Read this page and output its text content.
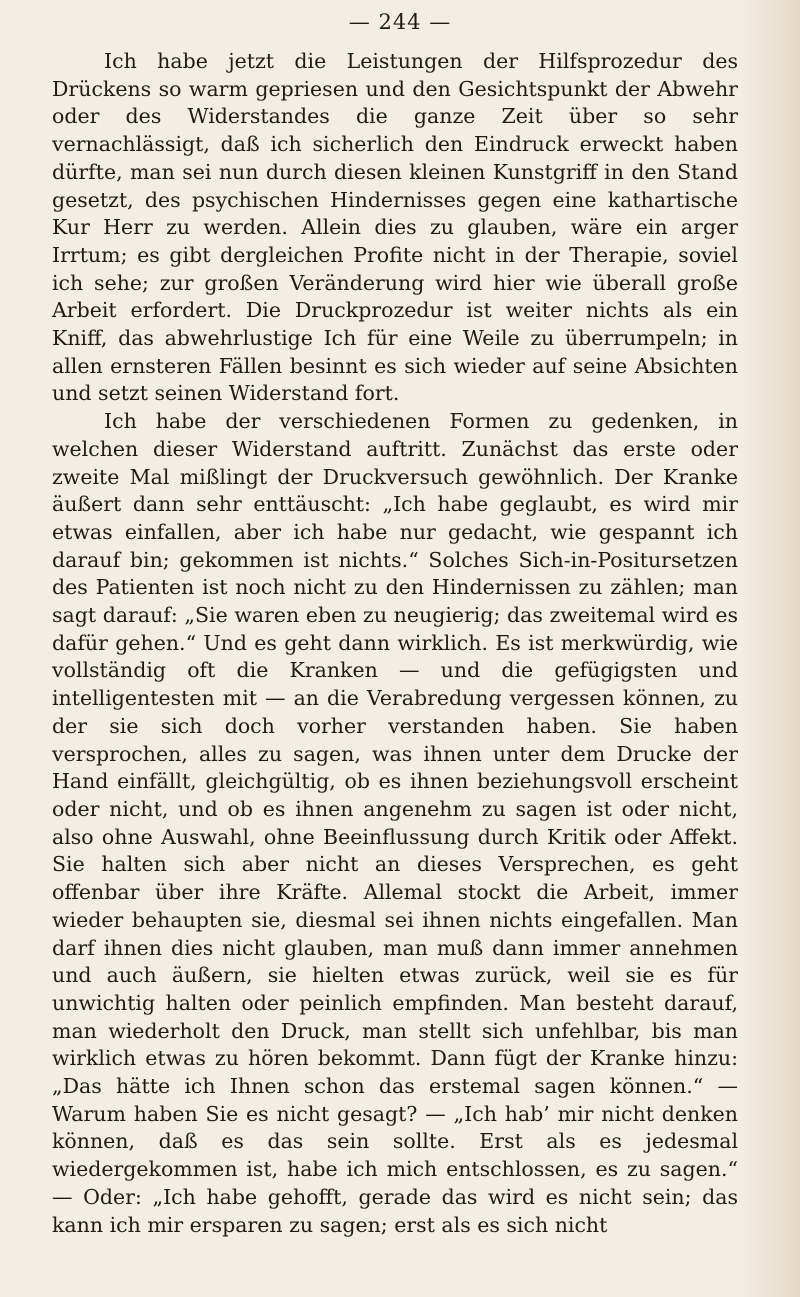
— 244 —

Ich habe jetzt die Leistungen der Hilfsprozedur des Drückens so warm gepriesen und den Gesichtspunkt der Abwehr oder des Widerstandes die ganze Zeit über so sehr vernachlässigt, daß ich sicherlich den Eindruck erweckt haben dürfte, man sei nun durch diesen kleinen Kunstgriff in den Stand gesetzt, des psychischen Hindernisses gegen eine kathartische Kur Herr zu werden. Allein dies zu glauben, wäre ein arger Irrtum; es gibt dergleichen Profite nicht in der Therapie, soviel ich sehe; zur großen Veränderung wird hier wie überall große Arbeit erfordert. Die Druckprozedur ist weiter nichts als ein Kniff, das abwehrlustige Ich für eine Weile zu überrumpeln; in allen ernsteren Fällen besinnt es sich wieder auf seine Absichten und setzt seinen Widerstand fort.

Ich habe der verschiedenen Formen zu gedenken, in welchen dieser Widerstand auftritt. Zunächst das erste oder zweite Mal mißlingt der Druckversuch gewöhnlich. Der Kranke äußert dann sehr enttäuscht: „Ich habe geglaubt, es wird mir etwas einfallen, aber ich habe nur gedacht, wie gespannt ich darauf bin; gekommen ist nichts.“ Solches Sich-in-Positursetzen des Patienten ist noch nicht zu den Hindernissen zu zählen; man sagt darauf: „Sie waren eben zu neugierig; das zweitemal wird es dafür gehen.“ Und es geht dann wirklich. Es ist merkwürdig, wie vollständig oft die Kranken — und die gefügigsten und intelligentesten mit — an die Verabredung vergessen können, zu der sie sich doch vorher verstanden haben. Sie haben versprochen, alles zu sagen, was ihnen unter dem Drucke der Hand einfällt, gleichgültig, ob es ihnen beziehungsvoll erscheint oder nicht, und ob es ihnen angenehm zu sagen ist oder nicht, also ohne Auswahl, ohne Beeinflussung durch Kritik oder Affekt. Sie halten sich aber nicht an dieses Versprechen, es geht offenbar über ihre Kräfte. Allemal stockt die Arbeit, immer wieder behaupten sie, diesmal sei ihnen nichts eingefallen. Man darf ihnen dies nicht glauben, man muß dann immer annehmen und auch äußern, sie hielten etwas zurück, weil sie es für unwichtig halten oder peinlich empfinden. Man besteht darauf, man wiederholt den Druck, man stellt sich unfehlbar, bis man wirklich etwas zu hören bekommt. Dann fügt der Kranke hinzu: „Das hätte ich Ihnen schon das erstemal sagen können.“ — Warum haben Sie es nicht gesagt? — „Ich hab’ mir nicht denken können, daß es das sein sollte. Erst als es jedesmal wiedergekommen ist, habe ich mich entschlossen, es zu sagen.“ — Oder: „Ich habe gehofft, gerade das wird es nicht sein; das kann ich mir ersparen zu sagen; erst als es sich nicht
